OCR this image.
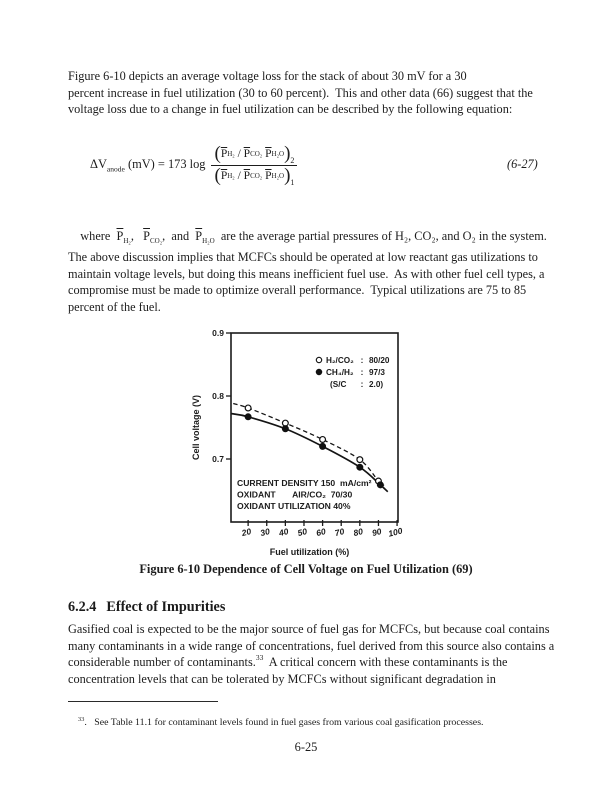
Figure 6-10 depicts an average voltage loss for the stack of about 30 mV for a 30
percent increase in fuel utilization (30 to 60 percent).  This and other data (66) suggest that the
voltage loss due to a change in fuel utilization can be described by the following equation:
$\Delta V_{anode}$ (mV) = 173 log ( $\overline{P}$ $H_2 / \overline{P}$ CO₂
$\overline{P}$ H₂O ) 2
( $\overline{P}$ $H_2 / \overline{P}$ CO₂
$\overline{P}$ H₂O ) 1	(6-27)

where  $\overline{P}_{H_2}$,   $\overline{P}_{CO_2}$,  and  $\overline{P}_{H_2O}$  are the average partial pressures of H₂, CO₂, and O₂ in the system.

The above discussion implies that MCFCs should be operated at low reactant gas utilizations to
maintain voltage levels, but doing this means inefficient fuel use.  As with other fuel cell types, a
compromise must be made to optimize overall performance.  Typical utilizations are 75 to 85
percent of the fuel.
0.9
0.8
0.7
20 30 40 50 60 70 80 90 100
Fuel utilization (%)
Cell voltage (V)
H₂/CO₂ : 80/20
CH₄/H₂ : 97/3
(S/C : 2.0)
CURRENT DENSITY 150  mA/cm²
OXIDANT       AIR/CO₂  70/30
OXIDANT UTILIZATION 40%
Figure 6-10 Dependence of Cell Voltage on Fuel Utilization (69)
6.2.4 Effect of Impurities
Gasified coal is expected to be the major source of fuel gas for MCFCs, but because coal contains
many contaminants in a wide range of concentrations, fuel derived from this source also contains a
considerable number of contaminants.$^{33}$  A critical concern with these contaminants is the
concentration levels that can be tolerated by MCFCs without significant degradation in

$^{33}$.   See Table 11.1 for contaminant levels found in fuel gases from various coal gasification processes.

6-25
